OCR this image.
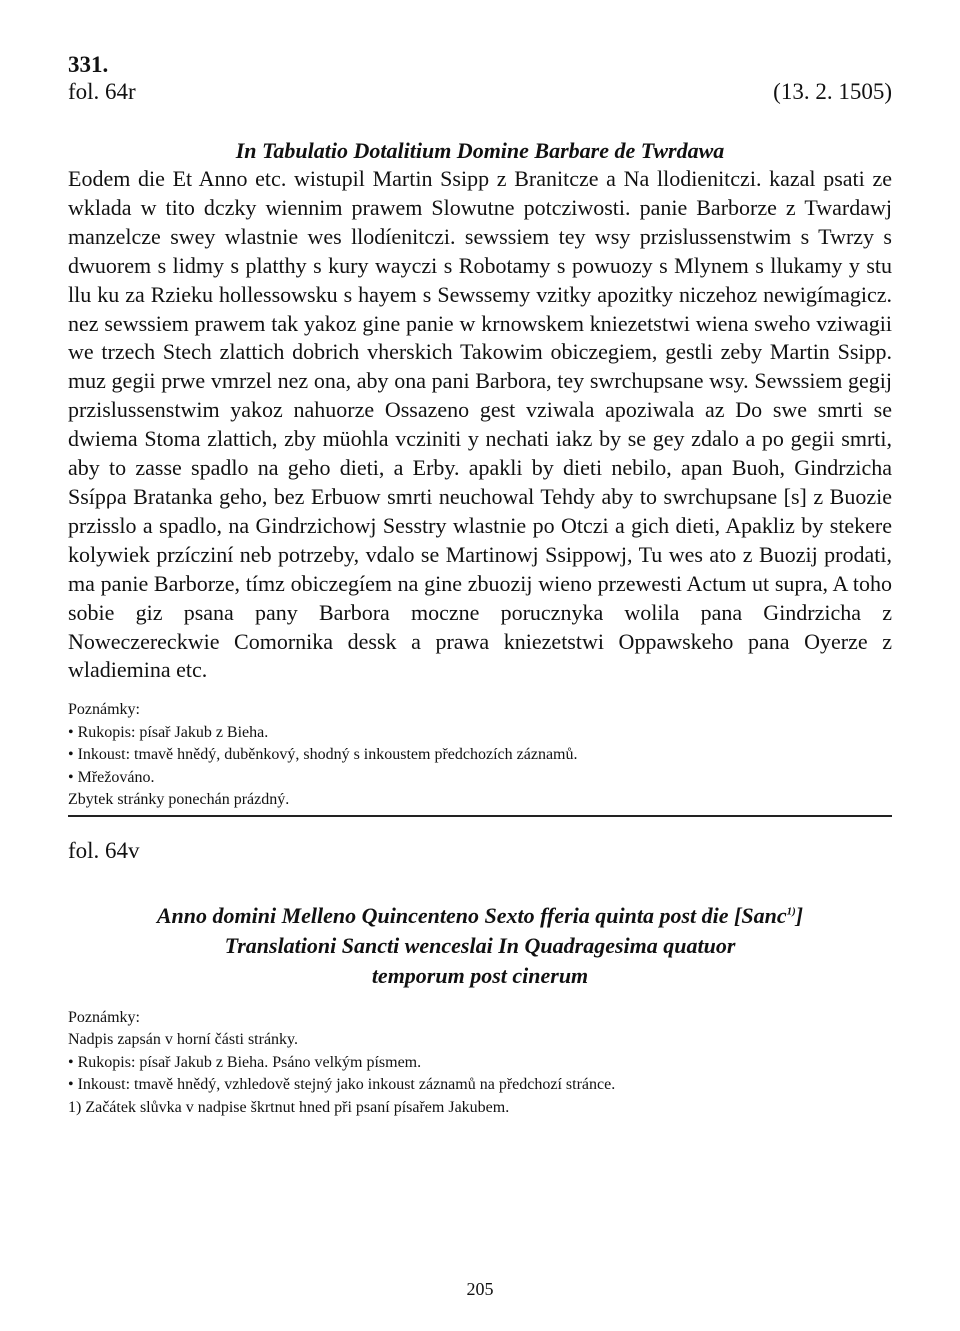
331.
fol. 64r	(13. 2. 1505)

In Tabulatio Dotalitium Domine Barbare de Twrdawa

Eodem die Et Anno etc. wistupil Martin Ssipp z Branitcze a Na llodienitczi. kazal psati ze wklada w tito dczky wiennim prawem Slowutne potcziwosti. panie Barborze z Twardawj manzelcze swey wlastnie wes llodíenitczi. sewssiem tey wsy przislussenstwim s Twrzy s dwuorem s lidmy s platthy s kury wayczi s Robotamy s powuozy s Mlynem s llukamy y stu llu ku za Rzieku hollessowsku s hayem s Sewssemy vzitky apozitky niczehoz newigímagicz. nez sewssiem prawem tak yakoz gine panie w krnowskem kniezetstwi wiena sweho vziwagii we trzech Stech zlattich dobrich vherskich Takowim obiczegiem, gestli zeby Martin Ssipp. muz gegii prwe vmrzel nez ona, aby ona pani Barbora, tey swrchupsane wsy. Sewssiem gegij przislussenstwim yakoz nahuorze Ossazeno gest vziwala apoziwala az Do swe smrti se dwiema Stoma zlattich, zby müohla vcziniti y nechati iakz by se gey zdalo a po gegii smrti, aby to zasse spadlo na geho dieti, a Erby. apakli by dieti nebilo, apan Buoh, Gindrzicha Ssípρa Bratanka geho, bez Erbuow smrti neuchowal Tehdy aby to swrchupsane [s] z Buozie przisslo a spadlo, na Gindrzichowj Sesstry wlastnie po Otczi a gich dieti, Apakliz by stekere kolywiek przícziní neb potrzeby, vdalo se Martinowj Ssippowj, Tu wes ato z Buozij prodati, ma panie Barborze, tímz obiczegíem na gine zbuozij wieno przewesti Actum ut supra, A toho sobie giz psana pany Barbora moczne porucznyka wolila pana Gindrzicha z Noweczereckwie Comornika dessk a prawa kniezetstwi Oppawskeho pana Oyerze z wladiemina etc.

Poznámky:
• Rukopis: písař Jakub z Bieha.
• Inkoust: tmavě hnědý, duběnkový, shodný s inkoustem předchozích záznamů.
• Mřežováno.
Zbytek stránky ponechán prázdný.
fol. 64v

Anno domini Melleno Quincenteno Sexto fferia quinta post die [Sanc$^{1)}$]
Translationi Sancti wenceslai In Quadragesima quatuor
temporum post cinerum

Poznámky:
Nadpis zapsán v horní části stránky.
• Rukopis: písař Jakub z Bieha. Psáno velkým písmem.
• Inkoust: tmavě hnědý, vzhledově stejný jako inkoust záznamů na předchozí stránce.
1) Začátek slůvka v nadpise škrtnut hned při psaní písařem Jakubem.
205
